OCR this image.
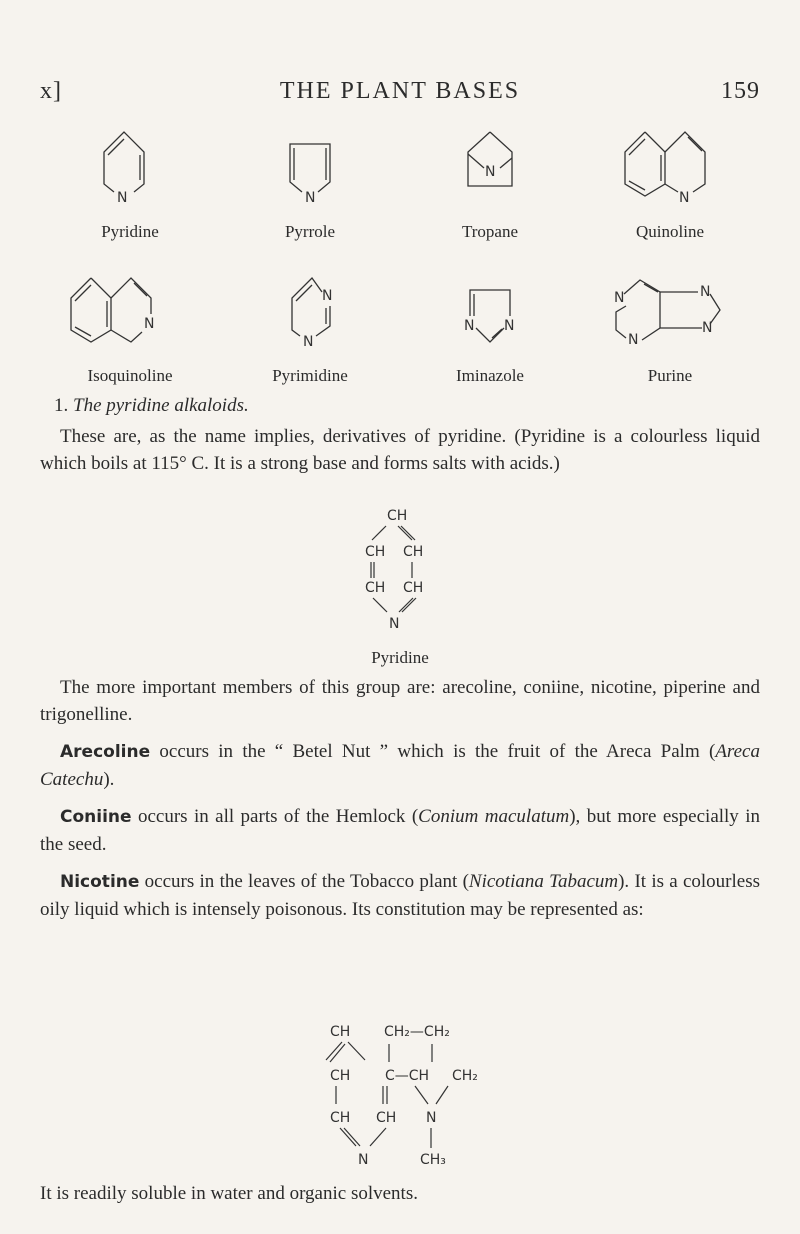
x]	THE PLANT BASES	159
N
Pyridine
N
Pyrrole
N
Tropane
N
Quinoline
N
Isoquinoline
N
N
Pyrimidine
N N
Iminazole
N	N
N
N
Purine

1. The pyridine alkaloids.

These are, as the name implies, derivatives of pyridine. (Pyridine is a colourless liquid which boils at 115° C. It is a strong base and forms salts with acids.)

CH
CH CH
CH CH
N
Pyridine

The more important members of this group are: arecoline, coniine, nicotine, piperine and trigonelline.

Arecoline occurs in the “ Betel Nut ” which is the fruit of the Areca Palm (Areca Catechu).

Coniine occurs in all parts of the Hemlock (Conium maculatum), but more especially in the seed.

Nicotine occurs in the leaves of the Tobacco plant (Nicotiana Tabacum). It is a colourless oily liquid which is intensely poisonous. Its constitution may be represented as:

CH CH₂—CH₂
CH C—CH CH₂
CH CH N
N	CH₃

It is readily soluble in water and organic solvents.
